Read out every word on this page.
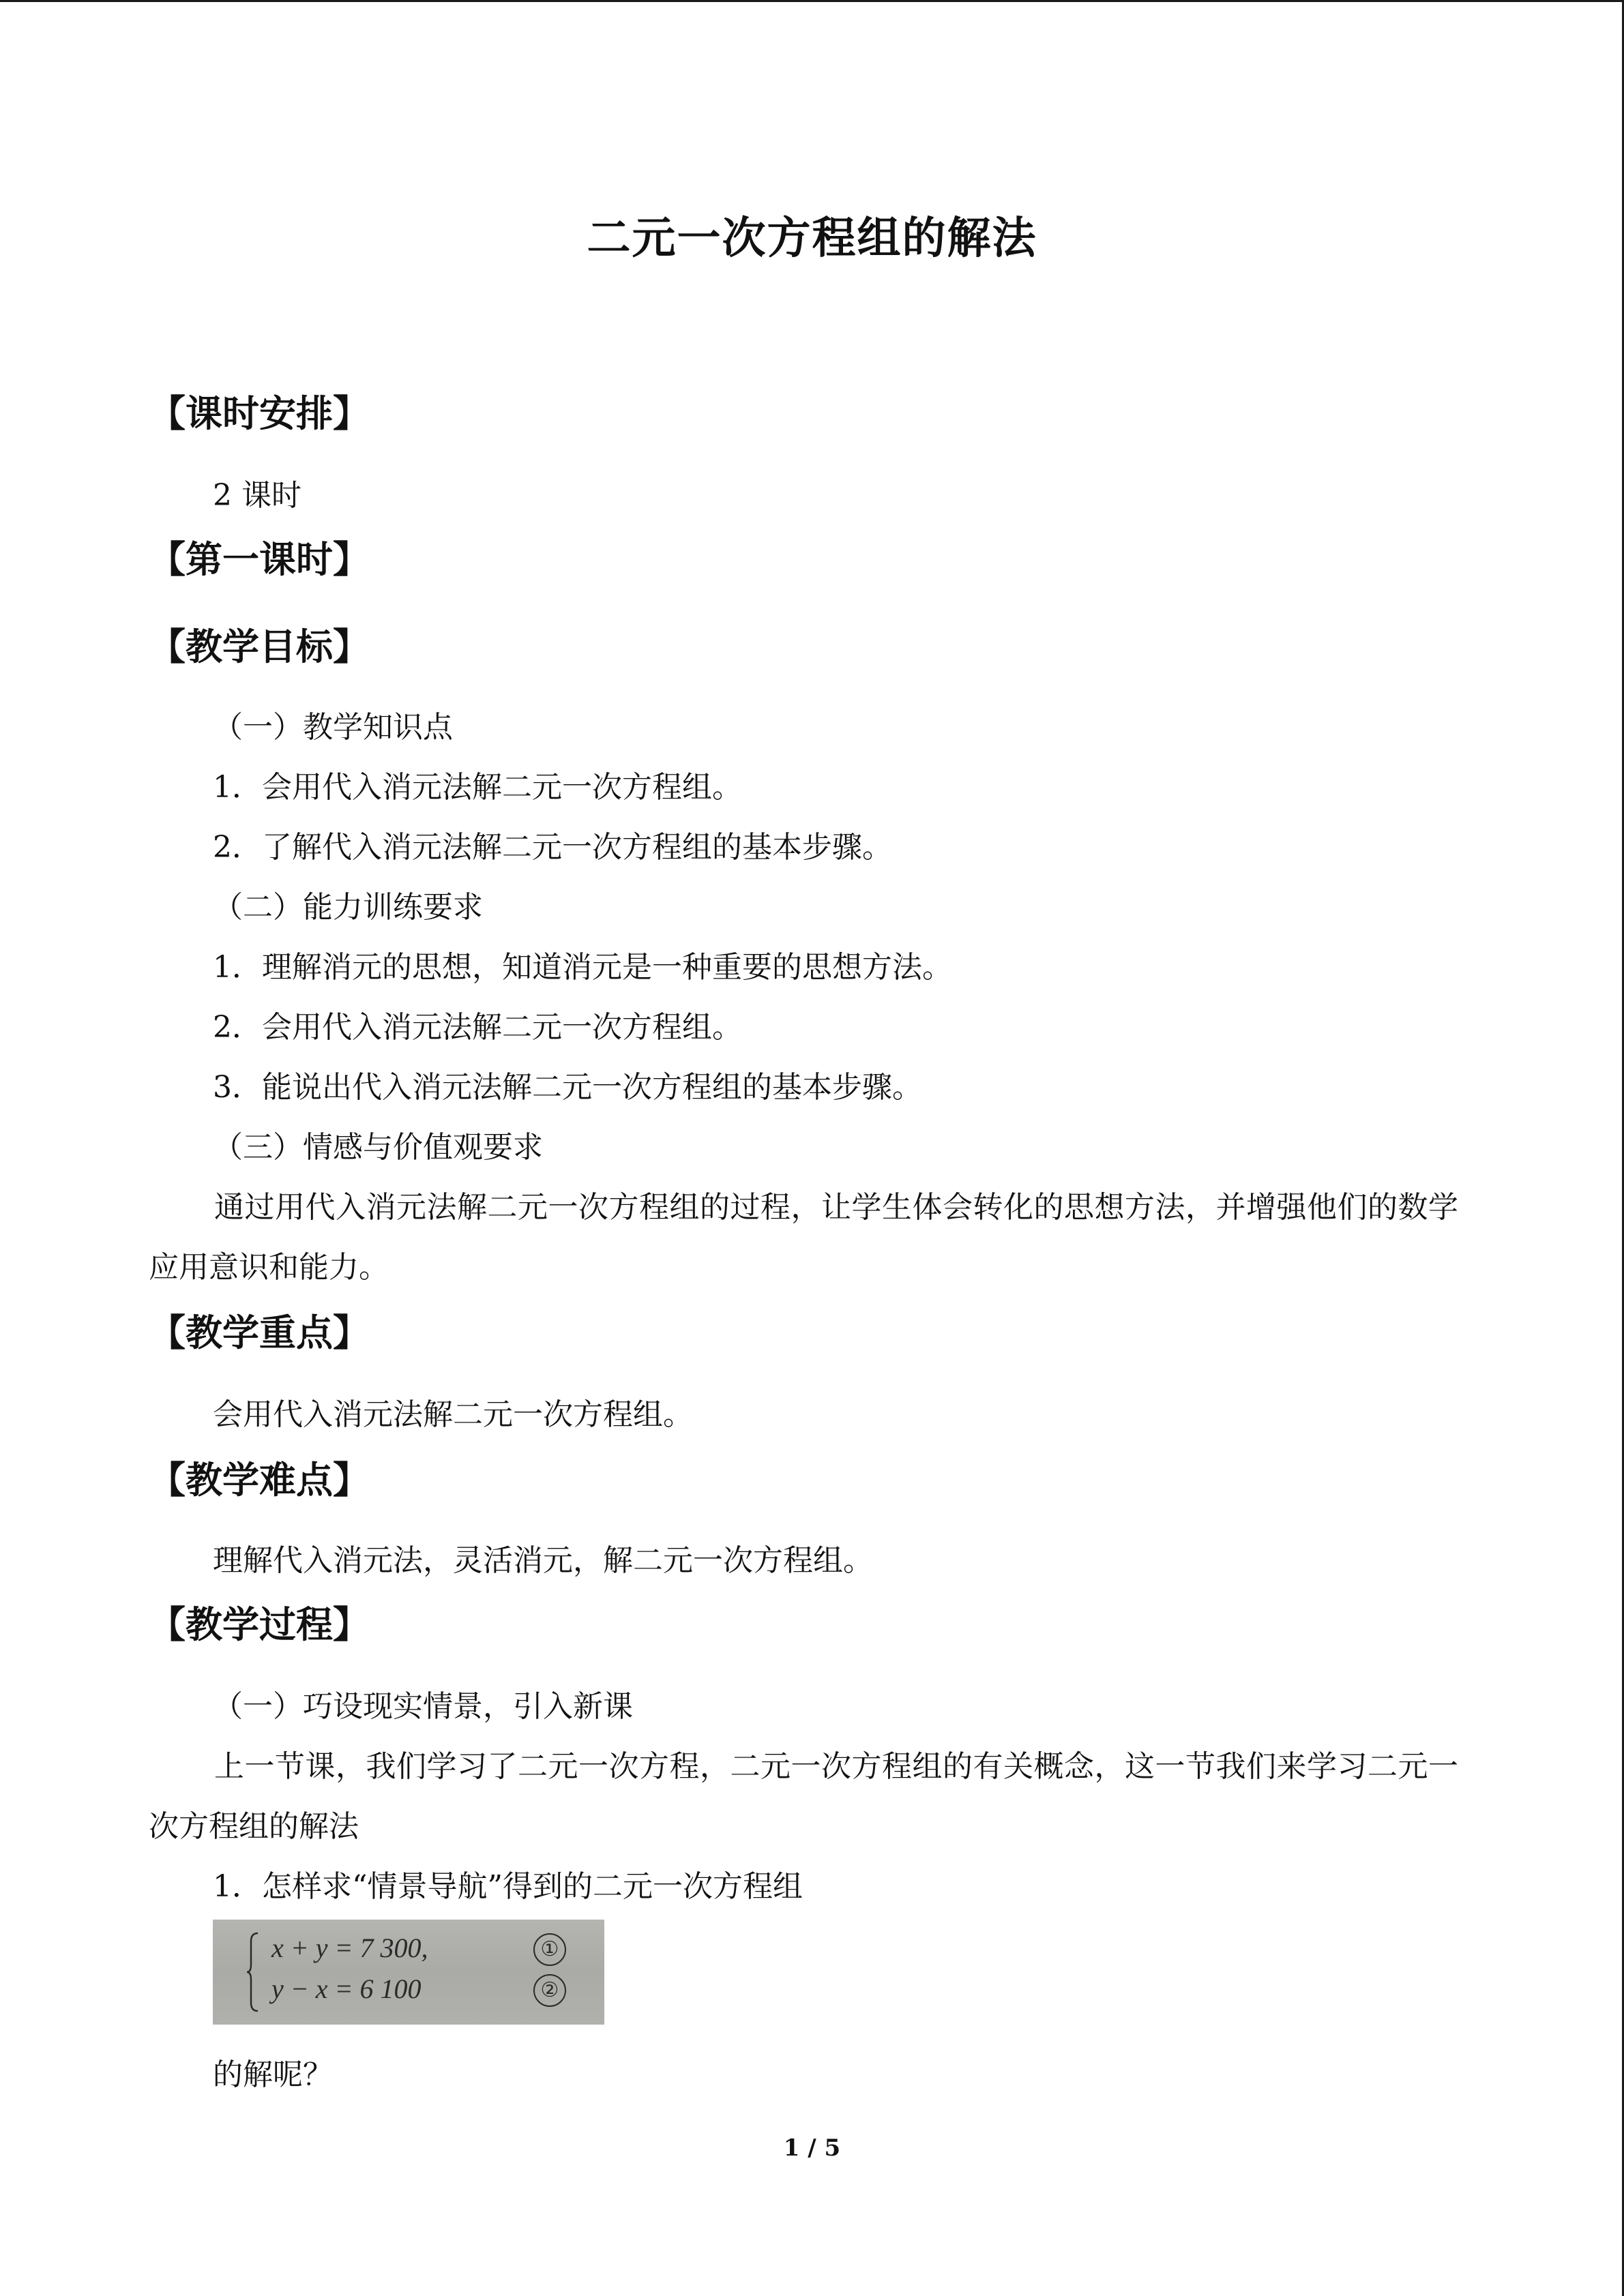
二元一次方程组的解法
【课时安排】
2 课时
【第一课时】
【教学目标】
（一）教学知识点
1．会用代入消元法解二元一次方程组。
2．了解代入消元法解二元一次方程组的基本步骤。
（二）能力训练要求
1．理解消元的思想，知道消元是一种重要的思想方法。
2．会用代入消元法解二元一次方程组。
3．能说出代入消元法解二元一次方程组的基本步骤。
（三）情感与价值观要求
通过用代入消元法解二元一次方程组的过程，让学生体会转化的思想方法，并增强他们的数学应用意识和能力。
【教学重点】
会用代入消元法解二元一次方程组。
【教学难点】
理解代入消元法，灵活消元，解二元一次方程组。
【教学过程】
（一）巧设现实情景，引入新课
上一节课，我们学习了二元一次方程，二元一次方程组的有关概念，这一节我们来学习二元一次方程组的解法
1．怎样求“情景导航”得到的二元一次方程组
x + y = 7 300,	①
y − x = 6 100	②
的解呢？
1 / 5
